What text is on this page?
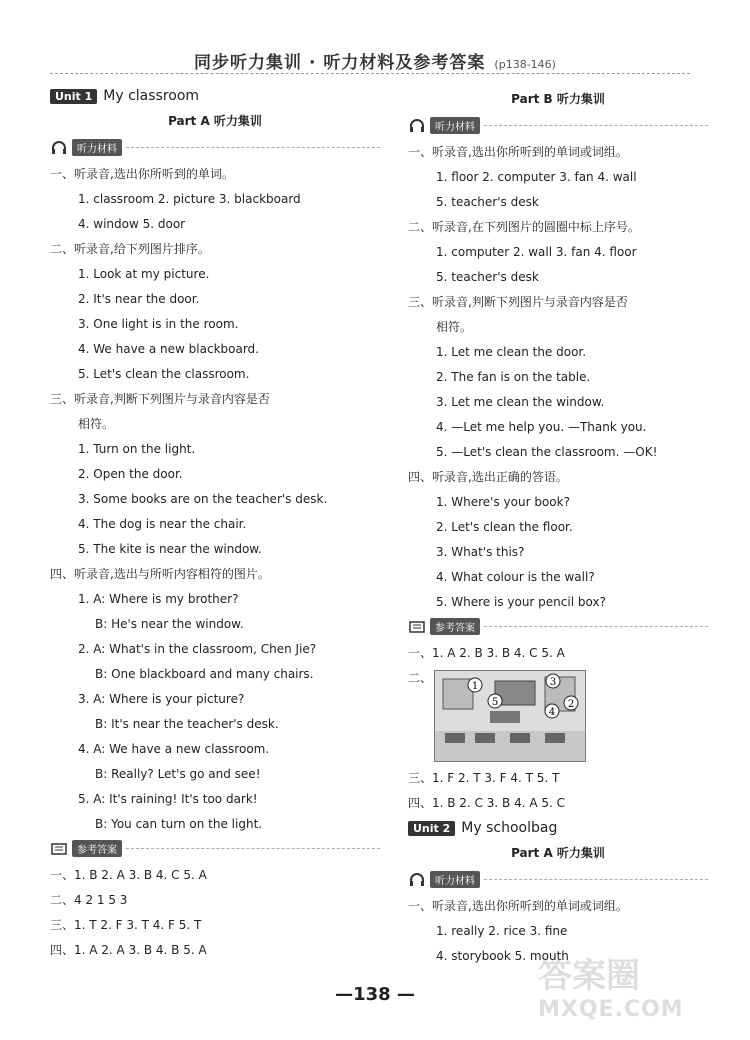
同步听力集训 · 听力材料及参考答案 (p138-146)
Unit 1 My classroom
Part A 听力集训
听力材料
一、听录音,选出你所听到的单词。
1. classroom 2. picture 3. blackboard
4. window 5. door
二、听录音,给下列图片排序。
1. Look at my picture.
2. It's near the door.
3. One light is in the room.
4. We have a new blackboard.
5. Let's clean the classroom.
三、听录音,判断下列图片与录音内容是否
相符。
1. Turn on the light.
2. Open the door.
3. Some books are on the teacher's desk.
4. The dog is near the chair.
5. The kite is near the window.
四、听录音,选出与所听内容相符的图片。
1. A: Where is my brother?
B: He's near the window.
2. A: What's in the classroom, Chen Jie?
B: One blackboard and many chairs.
3. A: Where is your picture?
B: It's near the teacher's desk.
4. A: We have a new classroom.
B: Really? Let's go and see!
5. A: It's raining! It's too dark!
B: You can turn on the light.
参考答案
一、1. B 2. A 3. B 4. C 5. A
二、4 2 1 5 3
三、1. T 2. F 3. T 4. F 5. T
四、1. A 2. A 3. B 4. B 5. A
Part B 听力集训
听力材料
一、听录音,选出你所听到的单词或词组。
1. floor 2. computer 3. fan 4. wall
5. teacher's desk
二、听录音,在下列图片的圆圈中标上序号。
1. computer 2. wall 3. fan 4. floor
5. teacher's desk
三、听录音,判断下列图片与录音内容是否
相符。
1. Let me clean the door.
2. The fan is on the table.
3. Let me clean the window.
4. —Let me help you. —Thank you.
5. —Let's clean the classroom. —OK!
四、听录音,选出正确的答语。
1. Where's your book?
2. Let's clean the floor.
3. What's this?
4. What colour is the wall?
5. Where is your pencil box?
参考答案
一、1. A 2. B 3. B 4. C 5. A
二、
1
2
3
4
5
三、1. F 2. T 3. F 4. T 5. T
四、1. B 2. C 3. B 4. A 5. C
Unit 2 My schoolbag
Part A 听力集训
听力材料
一、听录音,选出你所听到的单词或词组。
1. really 2. rice 3. fine
4. storybook 5. mouth
—138 —	答案圈
MXQE.COM
